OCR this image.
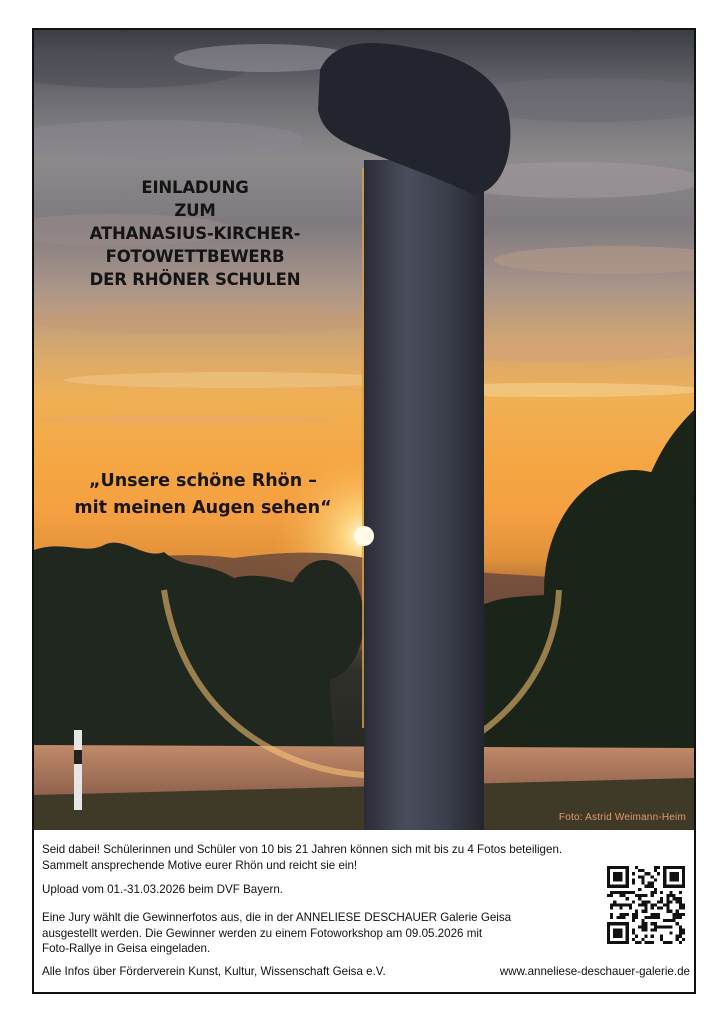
EINLADUNG
ZUM
ATHANASIUS-KIRCHER-
FOTOWETTBEWERB
DER RHÖNER SCHULEN
„Unsere schöne Rhön –
mit meinen Augen sehen“
Foto: Astrid Weimann-Heim

Seid dabei! Schülerinnen und Schüler von 10 bis 21 Jahren können sich mit bis zu 4 Fotos beteiligen.

Sammelt ansprechende Motive eurer Rhön und reicht sie ein!

Upload vom 01.-31.03.2026 beim DVF Bayern.

Eine Jury wählt die Gewinnerfotos aus, die in der ANNELIESE DESCHAUER Galerie Geisa

ausgestellt werden. Die Gewinner werden zu einem Fotoworkshop am 09.05.2026 mit

Foto-Rallye in Geisa eingeladen.

Alle Infos über Förderverein Kunst, Kultur, Wissenschaft Geisa e.V.	www.anneliese-deschauer-galerie.de
